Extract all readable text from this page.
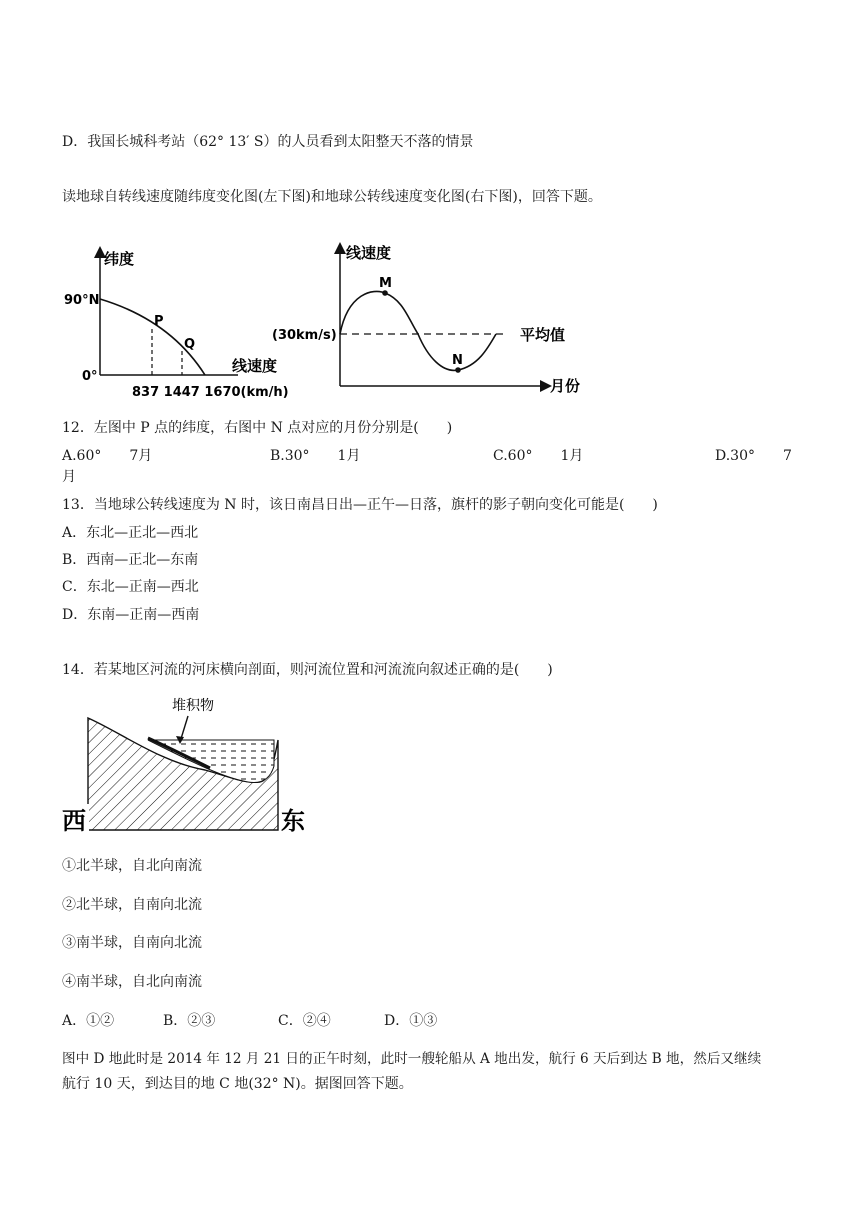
D．我国长城科考站（62° 13′ S）的人员看到太阳整天不落的情景
读地球自转线速度随纬度变化图(左下图)和地球公转线速度变化图(右下图)，回答下题。
纬度
90°N
0°
线速度
P
Q
837 1447 1670(km/h)
线速度
(30km/s)	平均值
M
N
月份
12．左图中 P 点的纬度，右图中 N 点对应的月份分别是(　　)
A.60°　　7月	B.30°　　1月	C.60°　　1月	D.30°　　7
月
13．当地球公转线速度为 N 时，该日南昌日出—正午—日落，旗杆的影子朝向变化可能是(　　)
A．东北—正北—西北
B．西南—正北—东南
C．东北—正南—西北
D．东南—正南—西南
14．若某地区河流的河床横向剖面，则河流位置和河流流向叙述正确的是(　　)
堆积物
西	东
①北半球，自北向南流
②北半球，自南向北流
③南半球，自南向北流
④南半球，自北向南流
A．①②	B．②③	C．②④	D．①③
图中 D 地此时是 2014 年 12 月 21 日的正午时刻，此时一艘轮船从 A 地出发，航行 6 天后到达 B 地，然后又继续
航行 10 天，到达目的地 C 地(32° N)。据图回答下题。
